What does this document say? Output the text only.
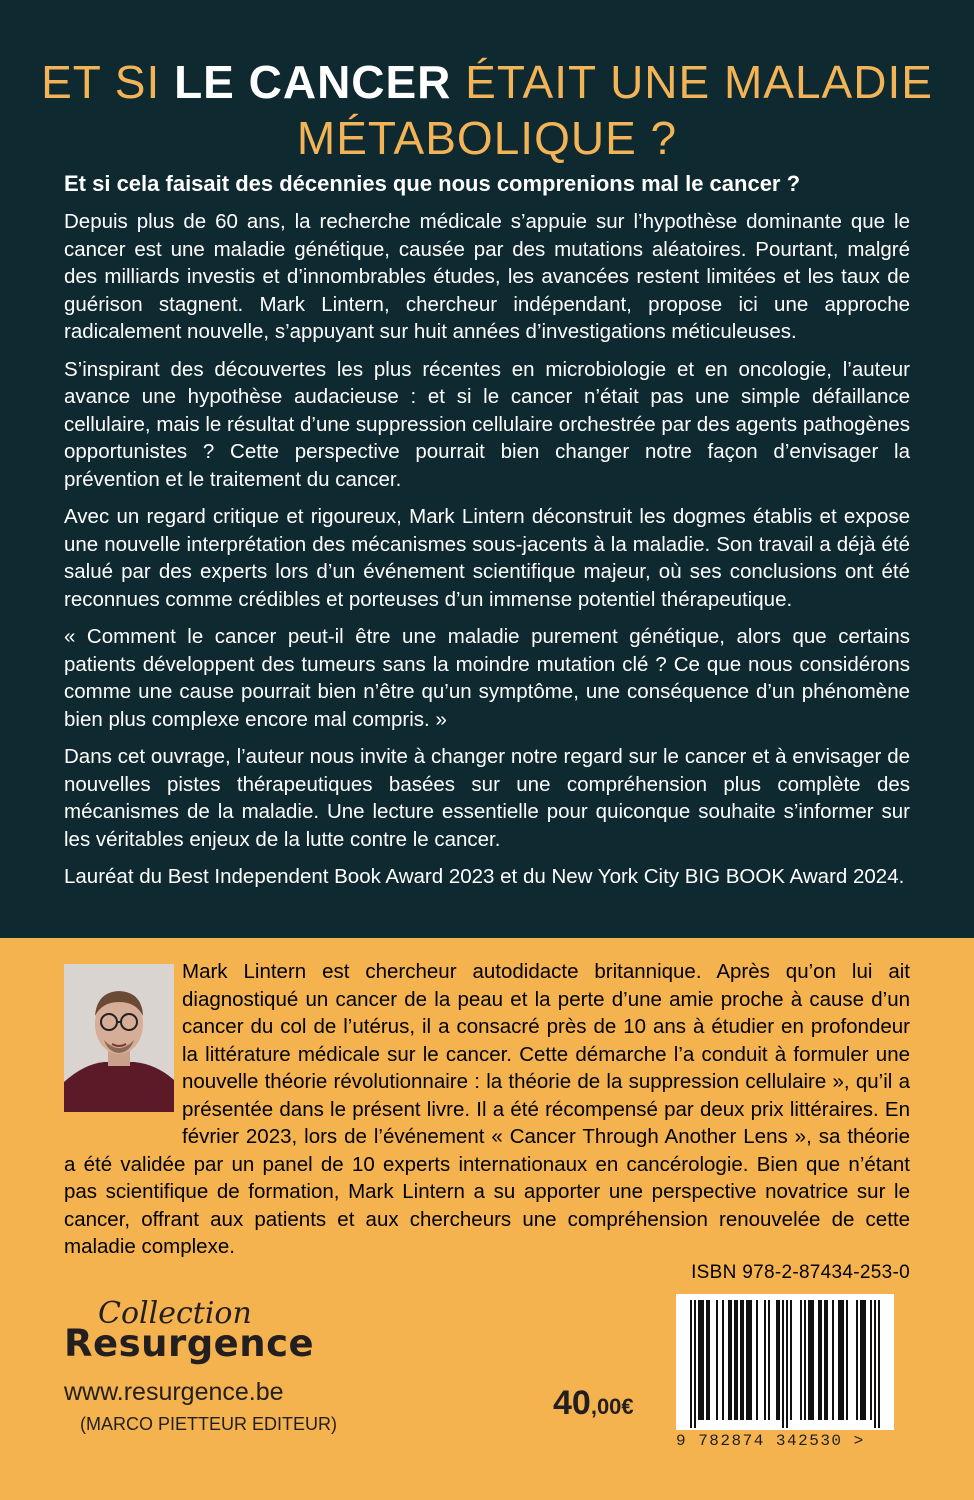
ET SI LE CANCER ÉTAIT UNE MALADIE MÉTABOLIQUE ?

Et si cela faisait des décennies que nous comprenions mal le cancer ?

Depuis plus de 60 ans, la recherche médicale s’appuie sur l’hypothèse dominante que le cancer est une maladie génétique, causée par des mutations aléatoires. Pourtant, malgré des milliards investis et d’innombrables études, les avancées restent limitées et les taux de guérison stagnent. Mark Lintern, chercheur indépendant, propose ici une approche radicalement nouvelle, s’appuyant sur huit années d’investigations méticuleuses.

S’inspirant des découvertes les plus récentes en microbiologie et en oncologie, l’auteur avance une hypothèse audacieuse : et si le cancer n’était pas une simple défaillance cellulaire, mais le résultat d’une suppression cellulaire orchestrée par des agents pathogènes opportunistes ? Cette perspective pourrait bien changer notre façon d’envisager la prévention et le traitement du cancer.

Avec un regard critique et rigoureux, Mark Lintern déconstruit les dogmes établis et expose une nouvelle interprétation des mécanismes sous-jacents à la maladie. Son travail a déjà été salué par des experts lors d’un événement scientifique majeur, où ses conclusions ont été reconnues comme crédibles et porteuses d’un immense potentiel thérapeutique.

« Comment le cancer peut-il être une maladie purement génétique, alors que certains patients développent des tumeurs sans la moindre mutation clé ? Ce que nous considérons comme une cause pourrait bien n’être qu’un symptôme, une conséquence d’un phénomène bien plus complexe encore mal compris. »

Dans cet ouvrage, l’auteur nous invite à changer notre regard sur le cancer et à envisager de nouvelles pistes thérapeutiques basées sur une compréhension plus complète des mécanismes de la maladie. Une lecture essentielle pour quiconque souhaite s’informer sur les véritables enjeux de la lutte contre le cancer.

Lauréat du Best Independent Book Award 2023 et du New York City BIG BOOK Award 2024.

Mark Lintern est chercheur autodidacte britannique. Après qu’on lui ait diagnostiqué un cancer de la peau et la perte d’une amie proche à cause d’un cancer du col de l’utérus, il a consacré près de 10 ans à étudier en profondeur la littérature médicale sur le cancer. Cette démarche l’a conduit à formuler une nouvelle théorie révolutionnaire : la théorie de la suppression cellulaire », qu’il a présentée dans le présent livre. Il a été récompensé par deux prix littéraires. En février 2023, lors de l’événement « Cancer Through Another Lens », sa théorie a été validée par un panel de 10 experts internationaux en cancérologie. Bien que n’étant pas scientifique de formation, Mark Lintern a su apporter une perspective novatrice sur le cancer, offrant aux patients et aux chercheurs une compréhension renouvelée de cette maladie complexe.
ISBN 978-2-87434-253-0
9 782874 342530 >
Collection
Resurgence
www.resurgence.be
(MARCO PIETTEUR EDITEUR)
40,00€
